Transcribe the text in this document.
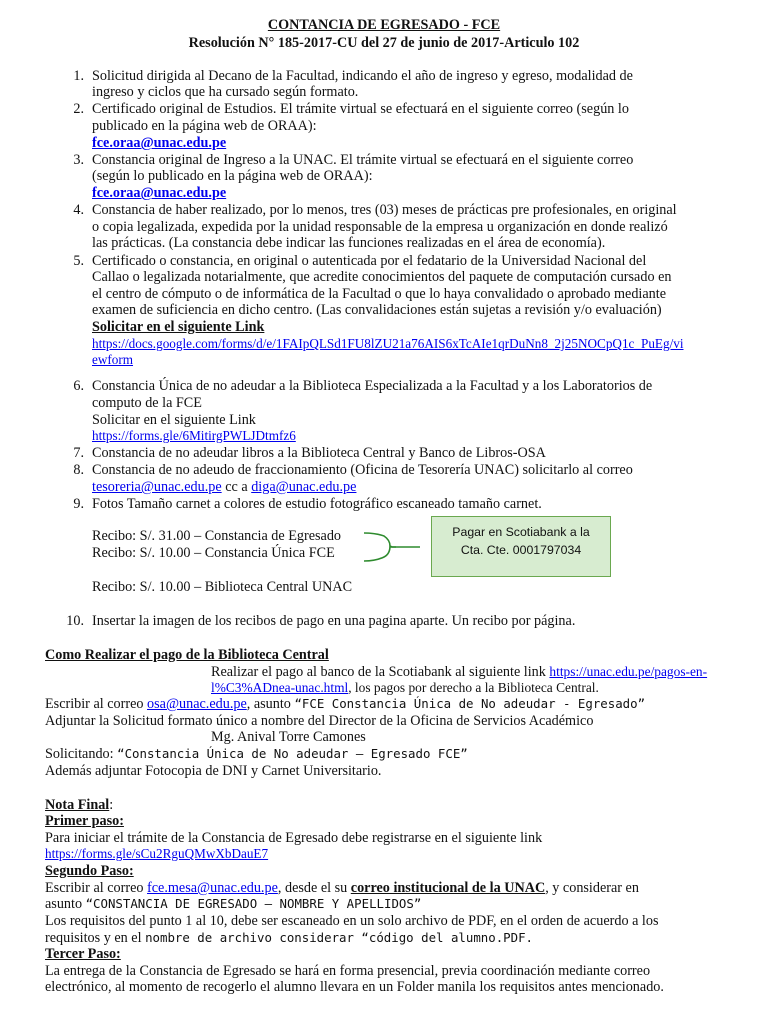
CONTANCIA DE EGRESADO - FCE
Resolución N° 185-2017-CU del 27 de junio de 2017-Articulo 102
1. Solicitud dirigida al Decano de la Facultad, indicando el año de ingreso y egreso, modalidad de
ingreso y ciclos que ha cursado según formato.
2. Certificado original de Estudios. El trámite virtual se efectuará en el siguiente correo (según lo
publicado en la página web de ORAA):
fce.oraa@unac.edu.pe
3. Constancia original de Ingreso a la UNAC. El trámite virtual se efectuará en el siguiente correo
(según lo publicado en la página web de ORAA):
fce.oraa@unac.edu.pe
4. Constancia de haber realizado, por lo menos, tres (03) meses de prácticas pre profesionales, en original
o copia legalizada, expedida por la unidad responsable de la empresa u organización en donde realizó
las prácticas. (La constancia debe indicar las funciones realizadas en el área de economía).
5. Certificado o constancia, en original o autenticada por el fedatario de la Universidad Nacional del
Callao o legalizada notarialmente, que acredite conocimientos del paquete de computación cursado en
el centro de cómputo o de informática de la Facultad o que lo haya convalidado o aprobado mediante
examen de suficiencia en dicho centro. (Las convalidaciones están sujetas a revisión y/o evaluación)
Solicitar en el siguiente Link
https://docs.google.com/forms/d/e/1FAIpQLSd1FU8lZU21a76AIS6xTcAIe1qrDuNn8_2j25NOCpQ1c_PuEg/vi
ewform
6. Constancia Única de no adeudar a la Biblioteca Especializada a la Facultad y a los Laboratorios de
computo de la FCE
Solicitar en el siguiente Link
https://forms.gle/6MitirgPWLJDtmfz6
7. Constancia de no adeudar libros a la Biblioteca Central y Banco de Libros-OSA
8. Constancia de no adeudo de fraccionamiento (Oficina de Tesorería UNAC) solicitarlo al correo
tesoreria@unac.edu.pe cc a diga@unac.edu.pe
9. Fotos Tamaño carnet a colores de estudio fotográfico escaneado tamaño carnet.
Recibo: S/. 31.00 – Constancia de Egresado
Recibo: S/. 10.00 – Constancia Única FCE
Pagar en Scotiabank a la
Cta. Cte. 0001797034
Recibo: S/. 10.00 – Biblioteca Central UNAC
10. Insertar la imagen de los recibos de pago en una pagina aparte. Un recibo por página.
Como Realizar el pago de la Biblioteca Central
Realizar el pago al banco de la Scotiabank al siguiente link https://unac.edu.pe/pagos-en-
l%C3%ADnea-unac.html, los pagos por derecho a la Biblioteca Central.
Escribir al correo osa@unac.edu.pe, asunto “FCE Constancia Única de No adeudar - Egresado”
Adjuntar la Solicitud formato único a nombre del Director de la Oficina de Servicios Académico
Mg. Anival Torre Camones
Solicitando: “Constancia Única de No adeudar – Egresado FCE”
Además adjuntar Fotocopia de DNI y Carnet Universitario.
Nota Final:
Primer paso:
Para iniciar el trámite de la Constancia de Egresado debe registrarse en el siguiente link
https://forms.gle/sCu2RguQMwXbDauE7
Segundo Paso:
Escribir al correo fce.mesa@unac.edu.pe, desde el su correo institucional de la UNAC, y considerar en
asunto “CONSTANCIA DE EGRESADO – NOMBRE Y APELLIDOS”
Los requisitos del punto 1 al 10, debe ser escaneado en un solo archivo de PDF, en el orden de acuerdo a los
requisitos y en el nombre de archivo considerar “código del alumno.PDF.
Tercer Paso:
La entrega de la Constancia de Egresado se hará en forma presencial, previa coordinación mediante correo
electrónico, al momento de recogerlo el alumno llevara en un Folder manila los requisitos antes mencionado.
